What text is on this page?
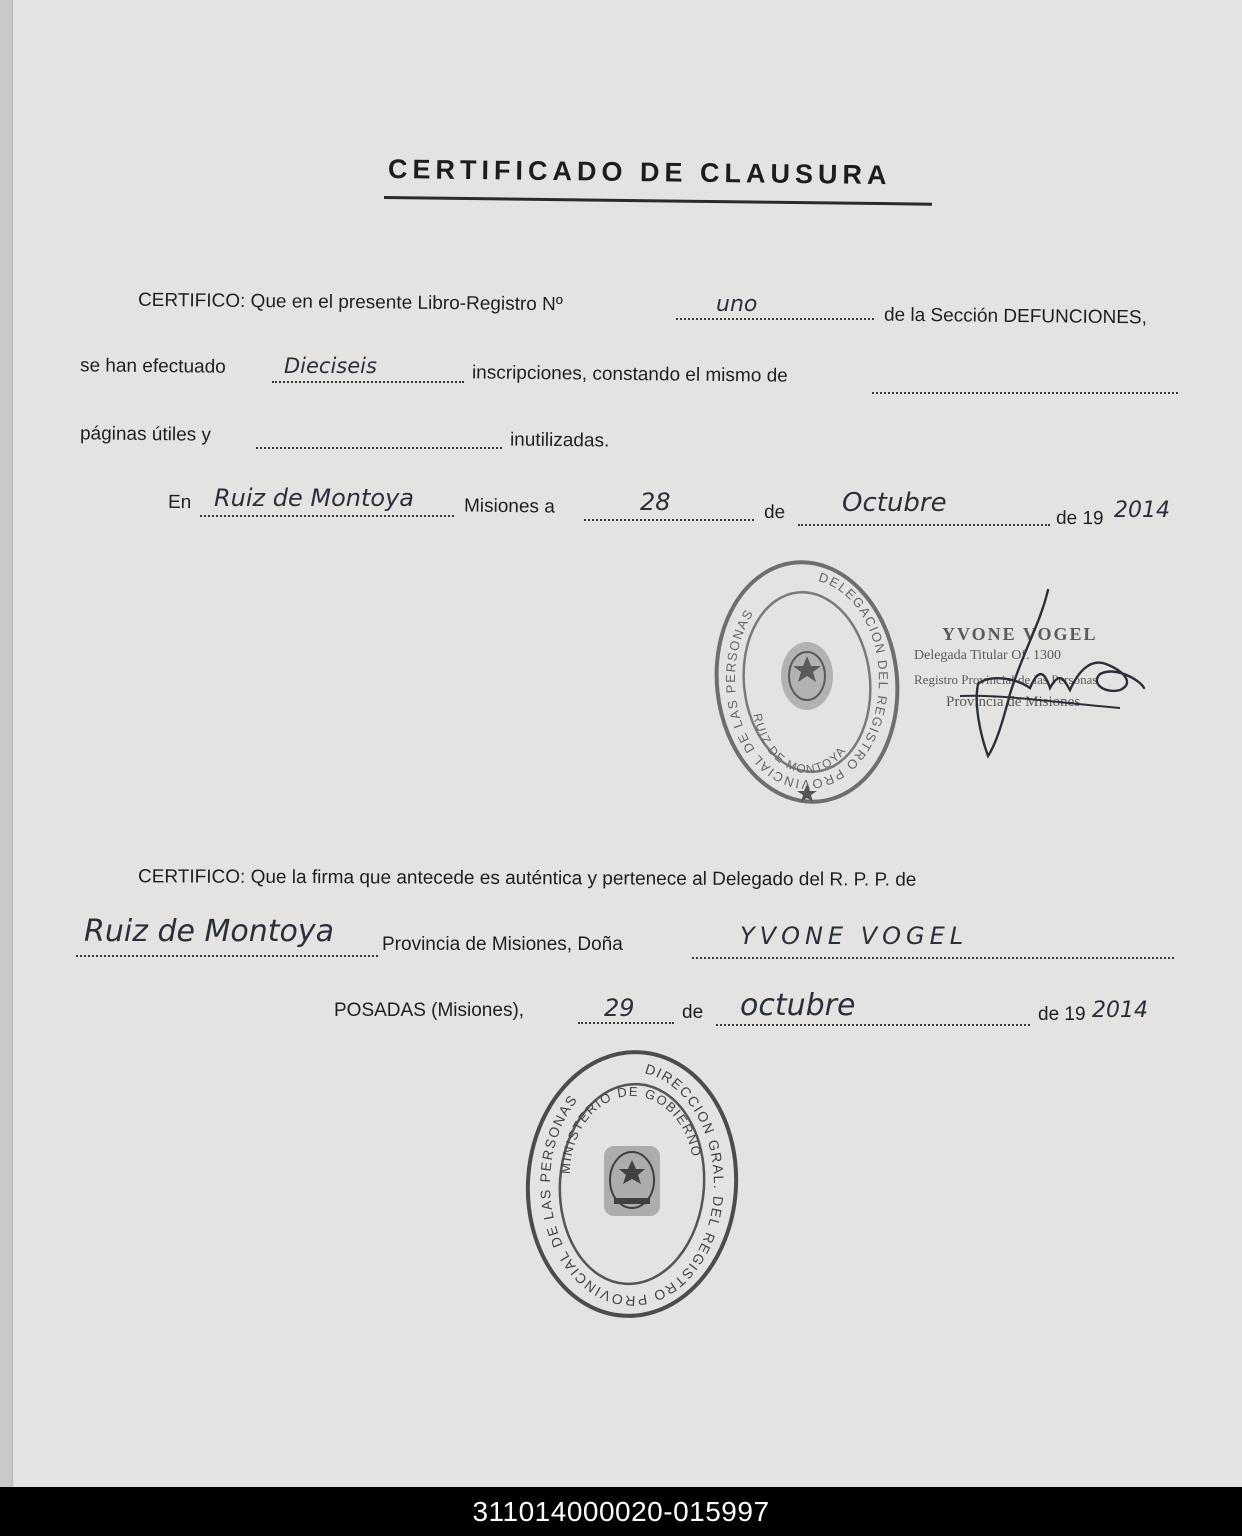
CERTIFICADO DE CLAUSURA
CERTIFICO: Que en el presente Libro-Registro Nº	uno	de la Sección DEFUNCIONES,
se han efectuado	Dieciseis	inscripciones, constando el mismo de
páginas útiles y	inutilizadas.
En Ruiz de Montoya	Misiones a	28	de Octubre
de 19 2014
DELEGACION DEL REGISTRO PROVINCIAL DE LAS PERSONAS
RUIZ DE MONTOYA
YVONE VOGEL
Delegada Titular Of. 1300
Registro Provincial de las Personas
Provincia de Misiones
CERTIFICO: Que la firma que antecede es auténtica y pertenece al Delegado del R. P. P. de
Ruiz de Montoya	Provincia de Misiones, Doña	YVONE VOGEL
POSADAS (Misiones),	29 de octubre	de 19 2014
DIRECCION GRAL. DEL REGISTRO PROVINCIAL DE LAS PERSONAS
MINISTERIO DE GOBIERNO
311014000020-015997
